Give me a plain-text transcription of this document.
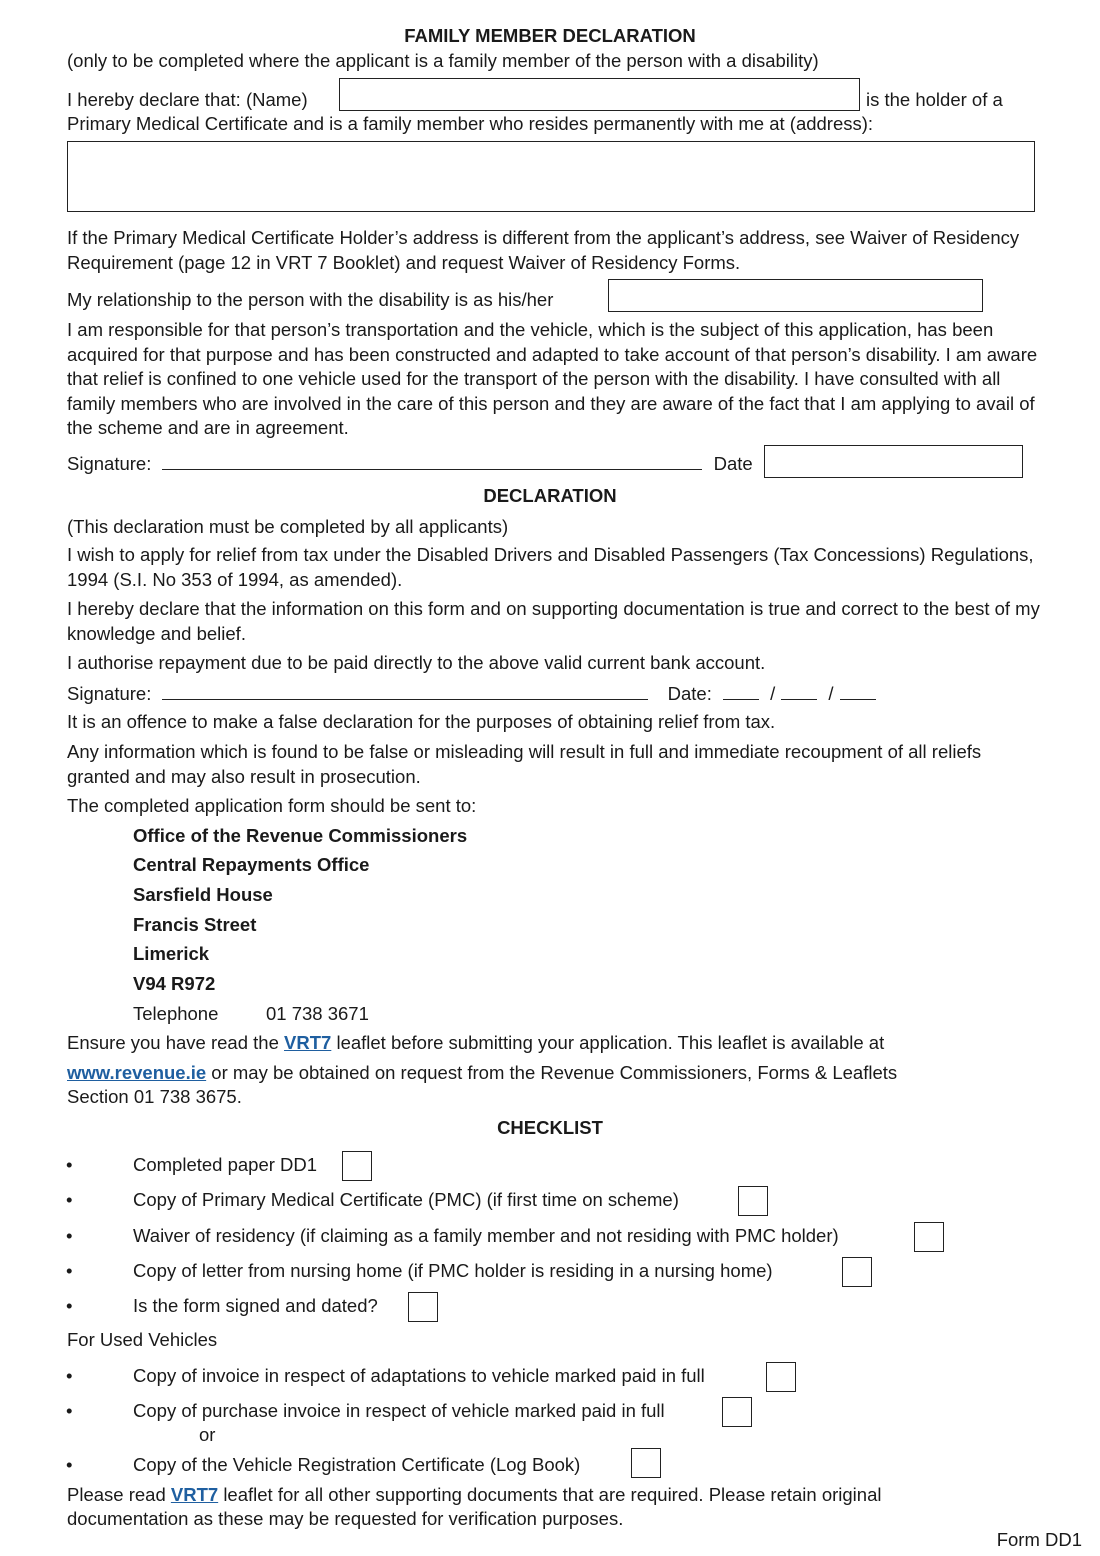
FAMILY MEMBER DECLARATION
(only to be completed where the applicant is a family member of the person with a disability)
I hereby declare that: (Name)	is the holder of a
Primary Medical Certificate and is a family member who resides permanently with me at (address):
If the Primary Medical Certificate Holder’s address is different from the applicant’s address, see Waiver of Residency Requirement (page 12 in VRT 7 Booklet) and request Waiver of Residency Forms.
My relationship to the person with the disability is as his/her
I am responsible for that person’s transportation and the vehicle, which is the subject of this application, has been acquired for that purpose and has been constructed and adapted to take account of that person’s disability. I am aware that relief is confined to one vehicle used for the transport of the person with the disability. I have consulted with all family members who are involved in the care of this person and they are aware of the fact that I am applying to avail of the scheme and are in agreement.
Signature:	Date
DECLARATION
(This declaration must be completed by all applicants)
I wish to apply for relief from tax under the Disabled Drivers and Disabled Passengers (Tax Concessions) Regulations, 1994 (S.I. No 353 of 1994, as amended).
I hereby declare that the information on this form and on supporting documentation is true and correct to the best of my knowledge and belief.
I authorise repayment due to be paid directly to the above valid current bank account.
Signature:	Date:	/	/
It is an offence to make a false declaration for the purposes of obtaining relief from tax.
Any information which is found to be false or misleading will result in full and immediate recoupment of all reliefs granted and may also result in prosecution.
The completed application form should be sent to:
Office of the Revenue Commissioners
Central Repayments Office
Sarsfield House
Francis Street
Limerick
V94 R972
Telephone	01 738 3671
Ensure you have read the VRT7 leaflet before submitting your application. This leaflet is available at
www.revenue.ie or may be obtained on request from the Revenue Commissioners, Forms & Leaflets
Section 01 738 3675.
CHECKLIST
•	Completed paper DD1
•	Copy of Primary Medical Certificate (PMC) (if first time on scheme)
•	Waiver of residency (if claiming as a family member and not residing with PMC holder)
•	Copy of letter from nursing home (if PMC holder is residing in a nursing home)
•	Is the form signed and dated?
For Used Vehicles
•	Copy of invoice in respect of adaptations to vehicle marked paid in full
•	Copy of purchase invoice in respect of vehicle marked paid in full
or
•	Copy of the Vehicle Registration Certificate (Log Book)
Please read VRT7 leaflet for all other supporting documents that are required. Please retain original
documentation as these may be requested for verification purposes.
Form DD1
